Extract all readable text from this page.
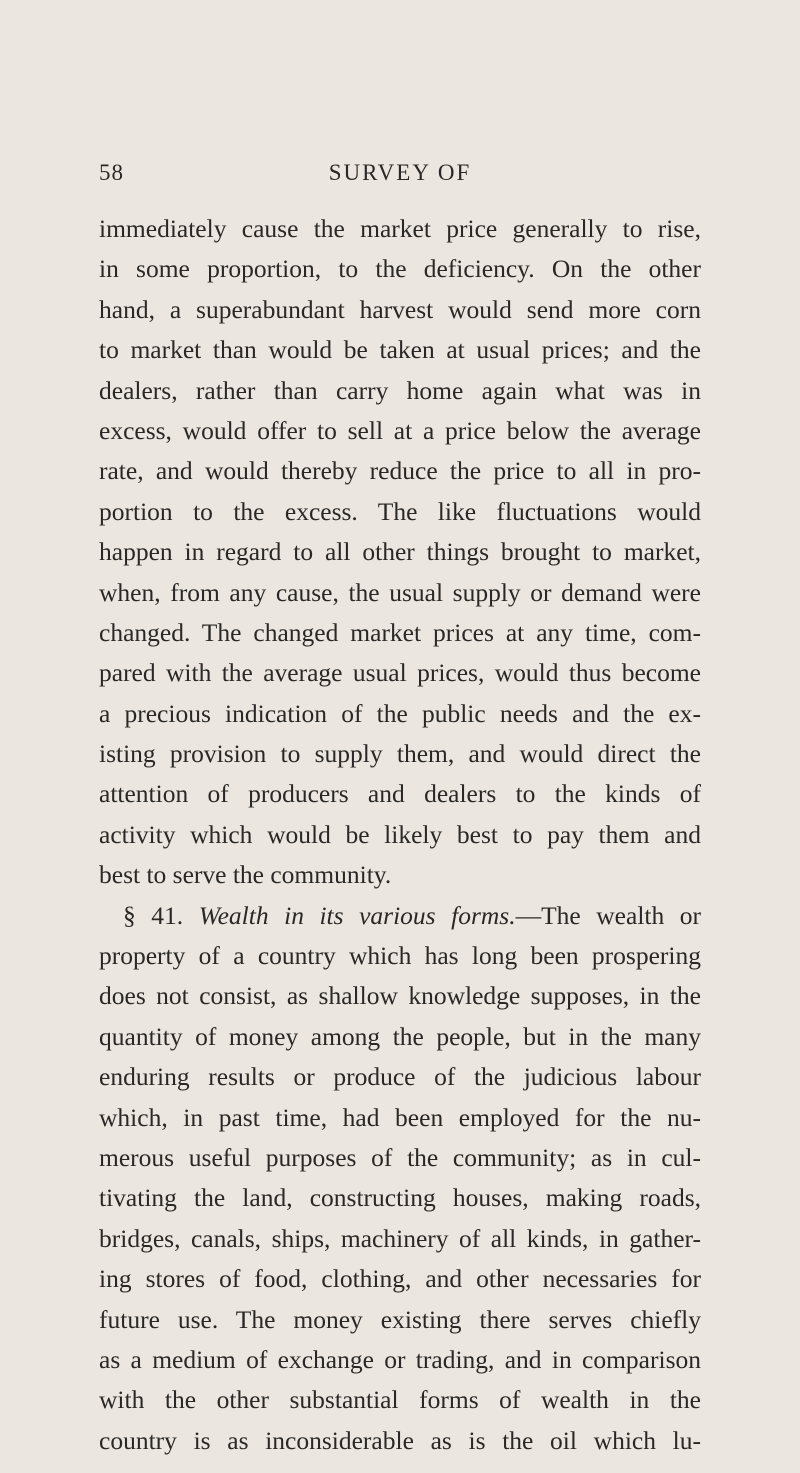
58	SURVEY OF
immediately cause the market price generally to rise,
in some proportion, to the deficiency. On the other
hand, a superabundant harvest would send more corn
to market than would be taken at usual prices; and the
dealers, rather than carry home again what was in
excess, would offer to sell at a price below the average
rate, and would thereby reduce the price to all in pro-
portion to the excess. The like fluctuations would
happen in regard to all other things brought to market,
when, from any cause, the usual supply or demand were
changed. The changed market prices at any time, com-
pared with the average usual prices, would thus become
a precious indication of the public needs and the ex-
isting provision to supply them, and would direct the
attention of producers and dealers to the kinds of
activity which would be likely best to pay them and
best to serve the community.
§ 41. Wealth in its various forms.—The wealth or
property of a country which has long been prospering
does not consist, as shallow knowledge supposes, in the
quantity of money among the people, but in the many
enduring results or produce of the judicious labour
which, in past time, had been employed for the nu-
merous useful purposes of the community; as in cul-
tivating the land, constructing houses, making roads,
bridges, canals, ships, machinery of all kinds, in gather-
ing stores of food, clothing, and other necessaries for
future use. The money existing there serves chiefly
as a medium of exchange or trading, and in comparison
with the other substantial forms of wealth in the
country is as inconsiderable as is the oil which lu-
